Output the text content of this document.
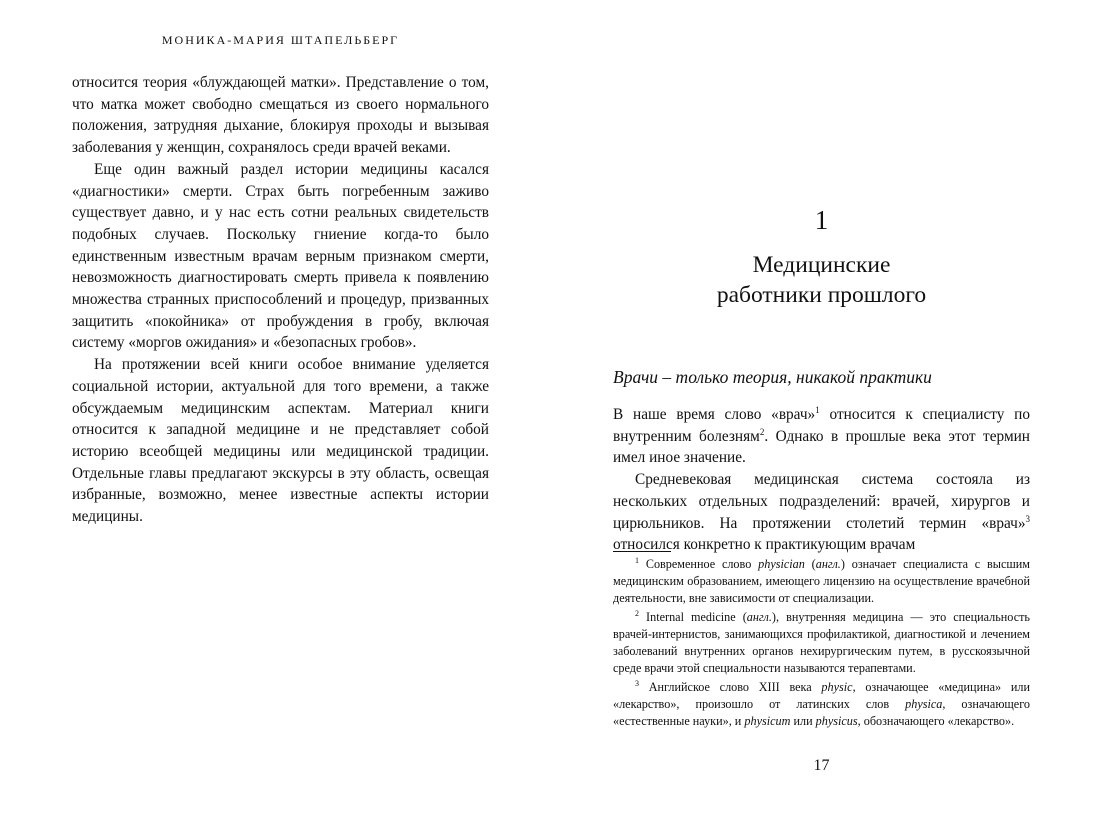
МОНИКА-МАРИЯ ШТАПЕЛЬБЕРГ

относится теория «блуждающей матки». Представление о том, что матка может свободно смещаться из своего нормального положения, затрудняя дыхание, блокируя проходы и вызывая заболевания у женщин, сохранялось среди врачей веками.

Еще один важный раздел истории медицины касался «диагностики» смерти. Страх быть погребенным заживо существует давно, и у нас есть сотни реальных свидетельств подобных случаев. Поскольку гниение когда-то было единственным известным врачам верным признаком смерти, невозможность диагностировать смерть привела к появлению множества странных приспособлений и процедур, призванных защитить «покойника» от пробуждения в гробу, включая систему «моргов ожидания» и «безопасных гробов».

На протяжении всей книги особое внимание уделяется социальной истории, актуальной для того времени, а также обсуждаемым медицинским аспектам. Материал книги относится к западной медицине и не представляет собой историю всеобщей медицины или медицинской традиции. Отдельные главы предлагают экскурсы в эту область, освещая избранные, возможно, менее известные аспекты истории медицины.

1
Медицинские
работники прошлого
Врачи – только теория, никакой практики

В наше время слово «врач»$^1$ относится к специалисту по внутренним болезням$^2$. Однако в прошлые века этот термин имел иное значение.

Средневековая медицинская система состояла из нескольких отдельных подразделений: врачей, хирургов и цирюльников. На протяжении столетий термин «врач»$^3$ относился конкретно к практикующим врачам

$^1$ Современное слово physician (англ.) означает специалиста с высшим медицинским образованием, имеющего лицензию на осуществление врачебной деятельности, вне зависимости от специализации.

$^2$ Internal medicine (англ.), внутренняя медицина — это специальность врачей-интернистов, занимающихся профилактикой, диагностикой и лечением заболеваний внутренних органов нехирургическим путем, в русскоязычной среде врачи этой специальности называются терапевтами.

$^3$ Английское слово XIII века physic, означающее «медицина» или «лекарство», произошло от латинских слов physica, означающего «естественные науки», и physicum или physicus, обозначающего «лекарство».

17
